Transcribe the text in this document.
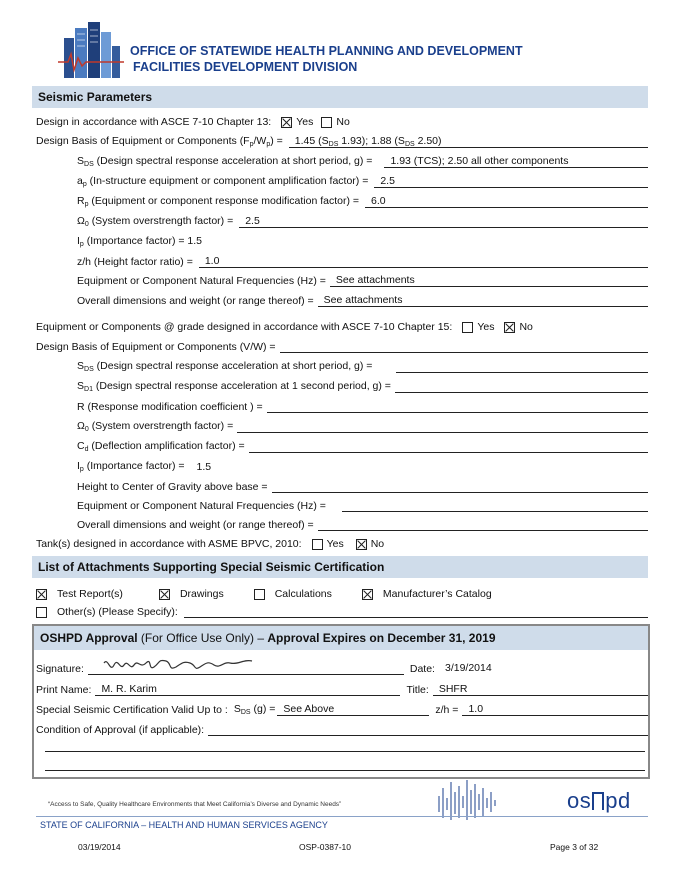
OFFICE OF STATEWIDE HEALTH PLANNING AND DEVELOPMENT
FACILITIES DEVELOPMENT DIVISION
Seismic Parameters
Design in accordance with ASCE 7-10 Chapter 13: Yes No
Design Basis of Equipment or Components $(F_p/W_p)$ =	1.45 ($S_{DS}$ 1.93); 1.88 ($S_{DS}$ 2.50)
$S_{DS}$ (Design spectral response acceleration at short period, g) =	1.93 (TCS); 2.50 all other components
$a_p$ (In-structure equipment or component amplification factor) =	2.5
$R_p$ (Equipment or component response modification factor) =	6.0
$\Omega_0$ (System overstrength factor) =	2.5
$I_p$ (Importance factor) = 1.5
z/h (Height factor ratio) =	1.0
Equipment or Component Natural Frequencies (Hz) = See attachments
Overall dimensions and weight (or range thereof) = See attachments
Equipment or Components @ grade designed in accordance with ASCE 7-10 Chapter 15: Yes No
Design Basis of Equipment or Components (V/W) =
$S_{DS}$ (Design spectral response acceleration at short period, g) =
$S_{D1}$ (Design spectral response acceleration at 1 second period, g) =
R (Response modification coefficient ) =
$\Omega_0$ (System overstrength factor) =
$C_d$ (Deflection amplification factor) =
$I_p$ (Importance factor) = 1.5
Height to Center of Gravity above base =
Equipment or Component Natural Frequencies (Hz) =
Overall dimensions and weight (or range thereof) =
Tank(s) designed in accordance with ASME BPVC, 2010: Yes	No
List of Attachments Supporting Special Seismic Certification
Test Report(s)	Drawings	Calculations	Manufacturer’s Catalog
Other(s) (Please Specify):
OSHPD Approval (For Office Use Only) – Approval Expires on December 31, 2019
Signature:	Date: 3/19/2014
Print Name: M. R. Karim	Title: SHFR
Special Seismic Certification Valid Up to : $S_{DS}$ (g) = See Above	z/h = 1.0
Condition of Approval (if applicable):
“Access to Safe, Quality Healthcare Environments that Meet California’s Diverse and Dynamic Needs”	os pd
STATE OF CALIFORNIA – HEALTH AND HUMAN SERVICES AGENCY
03/19/2014	OSP-0387-10	Page 3 of 32
